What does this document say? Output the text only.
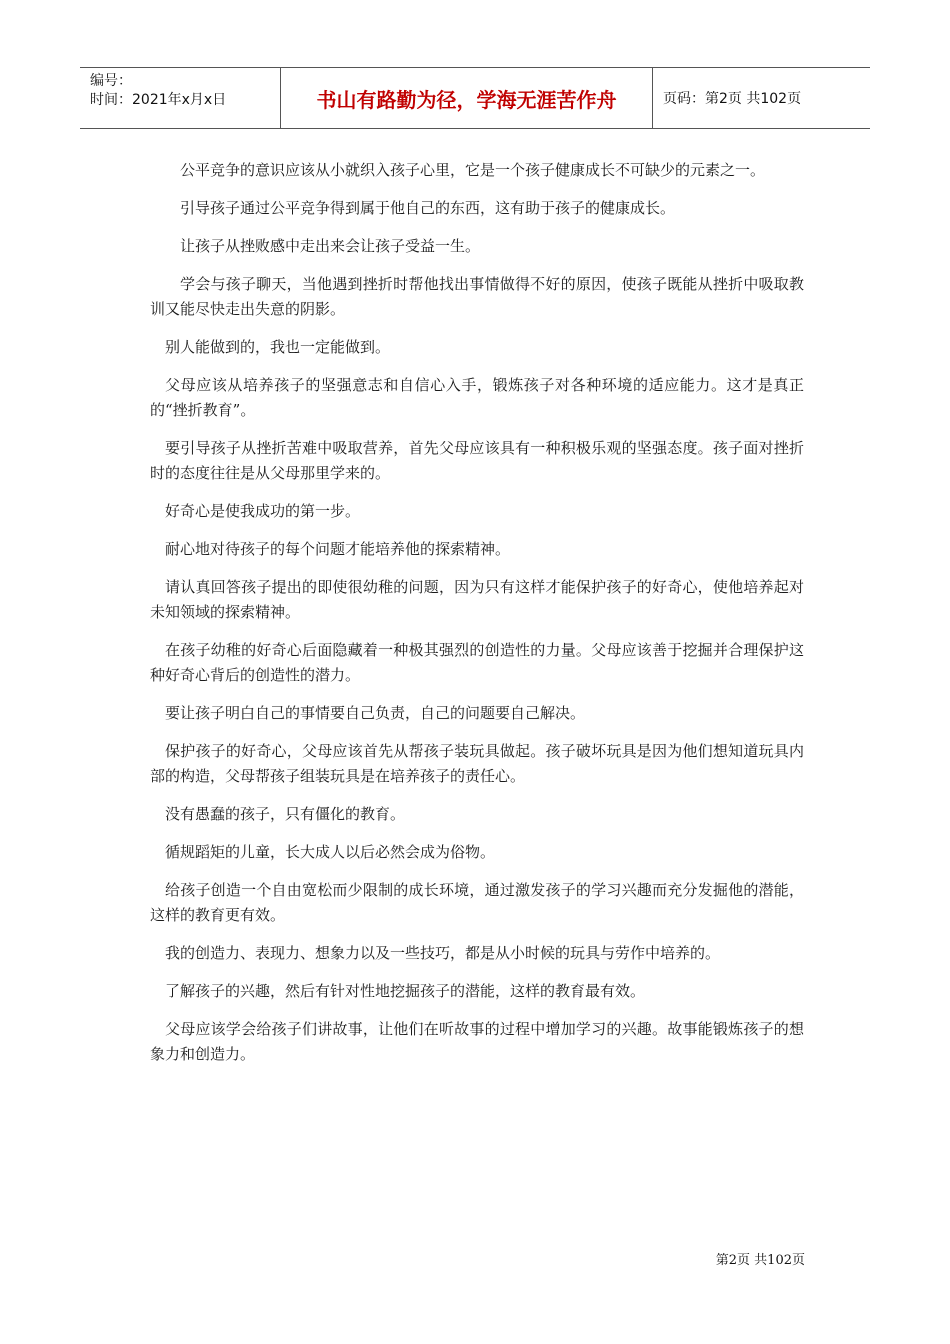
编号：
时间：2021年x月x日	书山有路勤为径，学海无涯苦作舟	页码：第2页 共102页

公平竞争的意识应该从小就织入孩子心里，它是一个孩子健康成长不可缺少的元素之一。

引导孩子通过公平竞争得到属于他自己的东西，这有助于孩子的健康成长。

让孩子从挫败感中走出来会让孩子受益一生。

学会与孩子聊天，当他遇到挫折时帮他找出事情做得不好的原因，使孩子既能从挫折中吸取教训又能尽快走出失意的阴影。

别人能做到的，我也一定能做到。

父母应该从培养孩子的坚强意志和自信心入手，锻炼孩子对各种环境的适应能力。这才是真正的“挫折教育”。

要引导孩子从挫折苦难中吸取营养，首先父母应该具有一种积极乐观的坚强态度。孩子面对挫折时的态度往往是从父母那里学来的。

好奇心是使我成功的第一步。

耐心地对待孩子的每个问题才能培养他的探索精神。

请认真回答孩子提出的即使很幼稚的问题，因为只有这样才能保护孩子的好奇心，使他培养起对未知领域的探索精神。

在孩子幼稚的好奇心后面隐藏着一种极其强烈的创造性的力量。父母应该善于挖掘并合理保护这种好奇心背后的创造性的潜力。

要让孩子明白自己的事情要自己负责，自己的问题要自己解决。

保护孩子的好奇心，父母应该首先从帮孩子装玩具做起。孩子破坏玩具是因为他们想知道玩具内部的构造，父母帮孩子组装玩具是在培养孩子的责任心。

没有愚蠢的孩子，只有僵化的教育。

循规蹈矩的儿童，长大成人以后必然会成为俗物。

给孩子创造一个自由宽松而少限制的成长环境，通过激发孩子的学习兴趣而充分发掘他的潜能，这样的教育更有效。

我的创造力、表现力、想象力以及一些技巧，都是从小时候的玩具与劳作中培养的。

了解孩子的兴趣，然后有针对性地挖掘孩子的潜能，这样的教育最有效。

父母应该学会给孩子们讲故事，让他们在听故事的过程中增加学习的兴趣。故事能锻炼孩子的想象力和创造力。

第2页 共102页
